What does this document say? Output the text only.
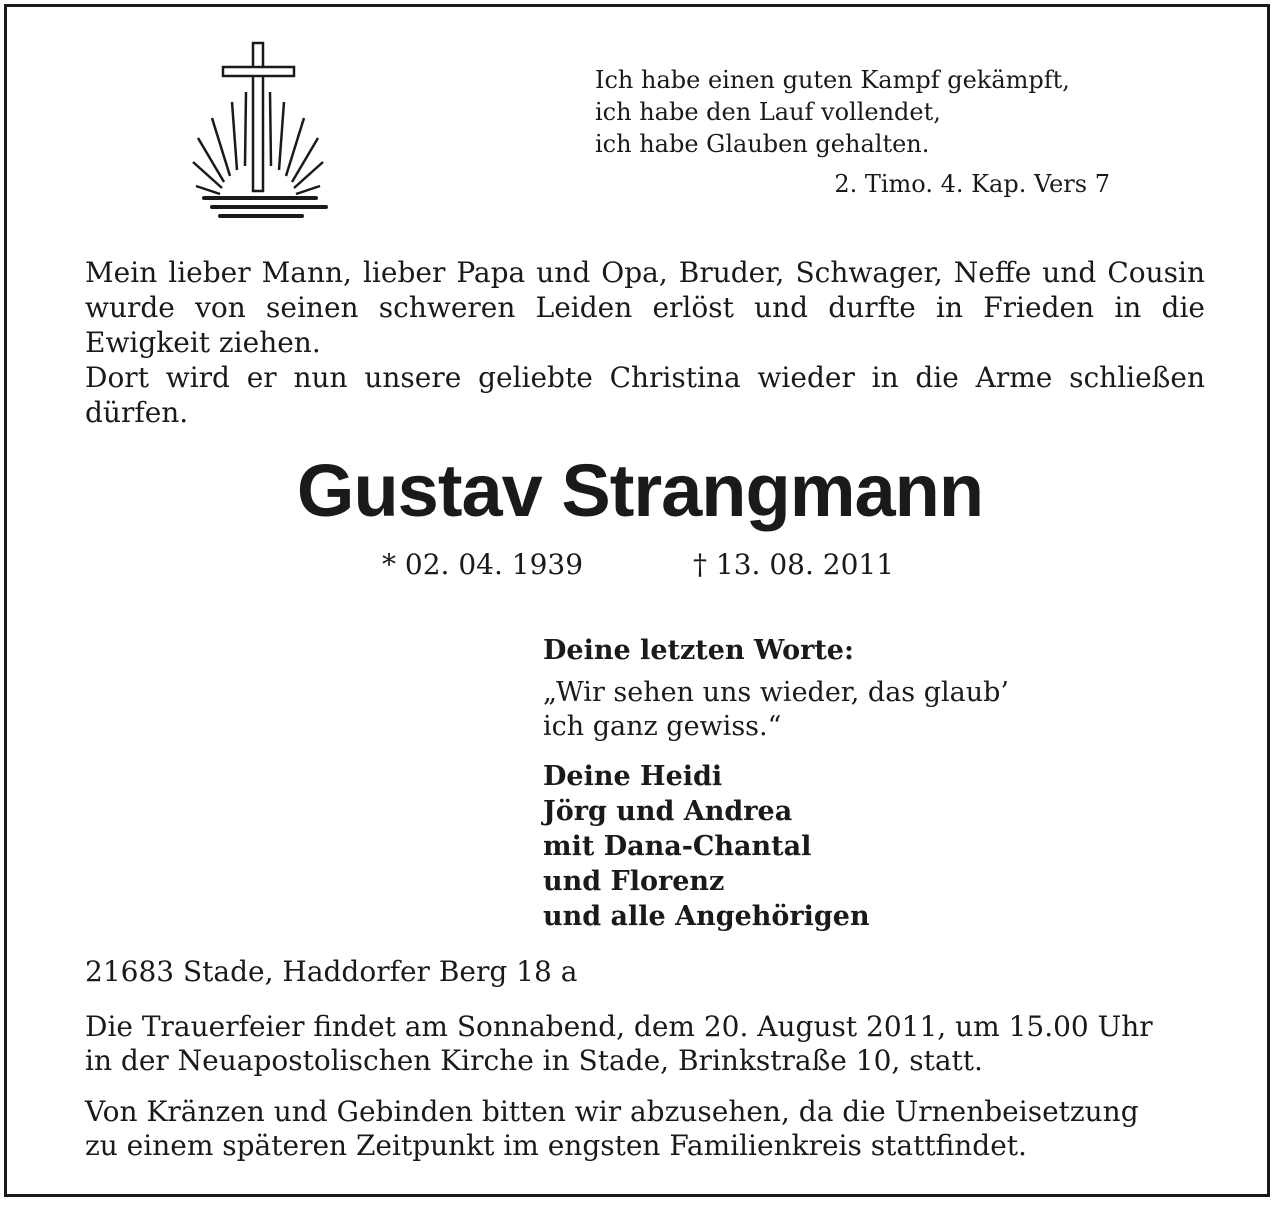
Ich habe einen guten Kampf gekämpft,
ich habe den Lauf vollendet,
ich habe Glauben gehalten.
2. Timo. 4. Kap. Vers 7

Mein lieber Mann, lieber Papa und Opa, Bruder, Schwager, Neffe und Cousin wurde von seinen schweren Leiden erlöst und durfte in Frieden in die Ewigkeit ziehen.

Dort wird er nun unsere geliebte Christina wieder in die Arme schließen dürfen.

Gustav Strangmann
* 02. 04. 1939	† 13. 08. 2011
Deine letzten Worte:
„Wir sehen uns wieder, das glaub’
ich ganz gewiss.“
Deine Heidi
Jörg und Andrea
mit Dana-Chantal
und Florenz
und alle Angehörigen
21683 Stade, Haddorfer Berg 18 a
Die Trauerfeier findet am Sonnabend, dem 20. August 2011, um 15.00 Uhr
in der Neuapostolischen Kirche in Stade, Brinkstraße 10, statt.
Von Kränzen und Gebinden bitten wir abzusehen, da die Urnenbeisetzung
zu einem späteren Zeitpunkt im engsten Familienkreis stattfindet.
